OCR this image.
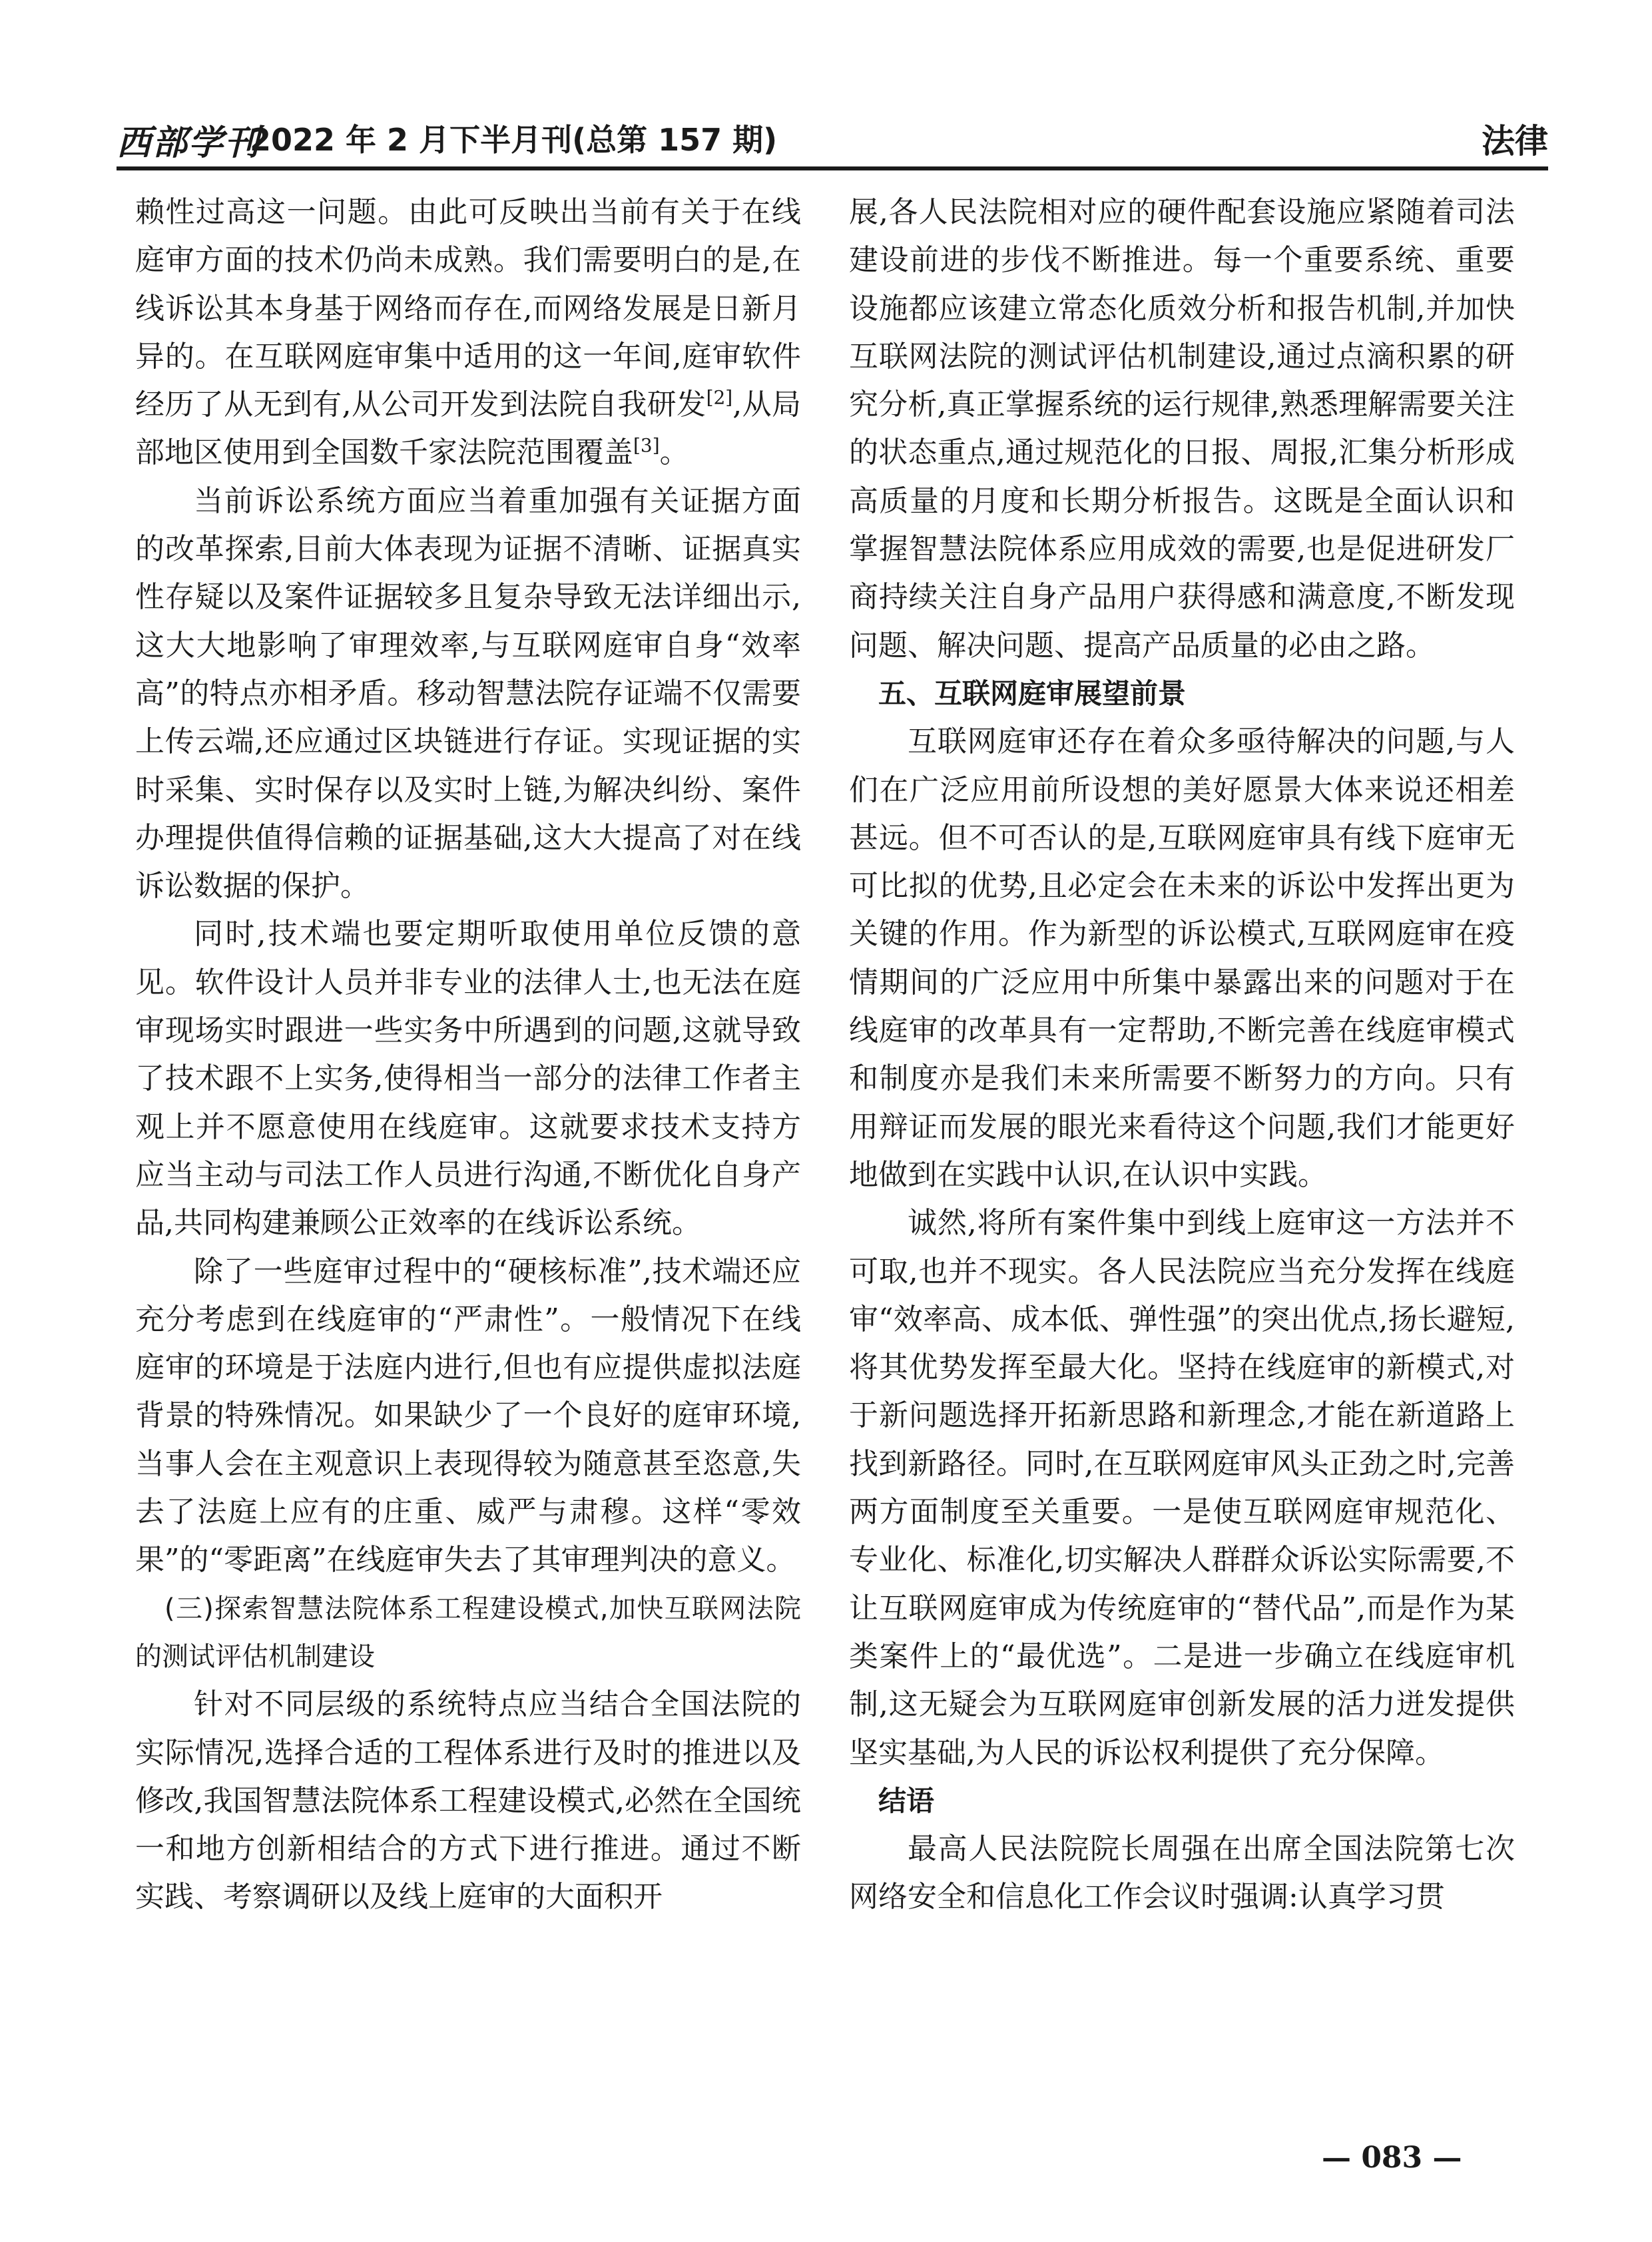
西部学刊
2022 年 2 月下半月刊(总第 157 期)	法律

赖性过高这一问题。由此可反映出当前有关于在线庭审方面的技术仍尚未成熟。我们需要明白的是,在线诉讼其本身基于网络而存在,而网络发展是日新月异的。在互联网庭审集中适用的这一年间,庭审软件经历了从无到有,从公司开发到法院自我研发[2],从局部地区使用到全国数千家法院范围覆盖[3]。

当前诉讼系统方面应当着重加强有关证据方面的改革探索,目前大体表现为证据不清晰、证据真实性存疑以及案件证据较多且复杂导致无法详细出示,这大大地影响了审理效率,与互联网庭审自身“效率高”的特点亦相矛盾。移动智慧法院存证端不仅需要上传云端,还应通过区块链进行存证。实现证据的实时采集、实时保存以及实时上链,为解决纠纷、案件办理提供值得信赖的证据基础,这大大提高了对在线诉讼数据的保护。

同时,技术端也要定期听取使用单位反馈的意见。软件设计人员并非专业的法律人士,也无法在庭审现场实时跟进一些实务中所遇到的问题,这就导致了技术跟不上实务,使得相当一部分的法律工作者主观上并不愿意使用在线庭审。这就要求技术支持方应当主动与司法工作人员进行沟通,不断优化自身产品,共同构建兼顾公正效率的在线诉讼系统。

除了一些庭审过程中的“硬核标准”,技术端还应充分考虑到在线庭审的“严肃性”。一般情况下在线庭审的环境是于法庭内进行,但也有应提供虚拟法庭背景的特殊情况。如果缺少了一个良好的庭审环境,当事人会在主观意识上表现得较为随意甚至恣意,失去了法庭上应有的庄重、威严与肃穆。这样“零效果”的“零距离”在线庭审失去了其审理判决的意义。

(三)探索智慧法院体系工程建设模式,加快互联网法院的测试评估机制建设

针对不同层级的系统特点应当结合全国法院的实际情况,选择合适的工程体系进行及时的推进以及修改,我国智慧法院体系工程建设模式,必然在全国统一和地方创新相结合的方式下进行推进。通过不断实践、考察调研以及线上庭审的大面积开

展,各人民法院相对应的硬件配套设施应紧随着司法建设前进的步伐不断推进。每一个重要系统、重要设施都应该建立常态化质效分析和报告机制,并加快互联网法院的测试评估机制建设,通过点滴积累的研究分析,真正掌握系统的运行规律,熟悉理解需要关注的状态重点,通过规范化的日报、周报,汇集分析形成高质量的月度和长期分析报告。这既是全面认识和掌握智慧法院体系应用成效的需要,也是促进研发厂商持续关注自身产品用户获得感和满意度,不断发现问题、解决问题、提高产品质量的必由之路。

五、互联网庭审展望前景

互联网庭审还存在着众多亟待解决的问题,与人们在广泛应用前所设想的美好愿景大体来说还相差甚远。但不可否认的是,互联网庭审具有线下庭审无可比拟的优势,且必定会在未来的诉讼中发挥出更为关键的作用。作为新型的诉讼模式,互联网庭审在疫情期间的广泛应用中所集中暴露出来的问题对于在线庭审的改革具有一定帮助,不断完善在线庭审模式和制度亦是我们未来所需要不断努力的方向。只有用辩证而发展的眼光来看待这个问题,我们才能更好地做到在实践中认识,在认识中实践。

诚然,将所有案件集中到线上庭审这一方法并不可取,也并不现实。各人民法院应当充分发挥在线庭审“效率高、成本低、弹性强”的突出优点,扬长避短,将其优势发挥至最大化。坚持在线庭审的新模式,对于新问题选择开拓新思路和新理念,才能在新道路上找到新路径。同时,在互联网庭审风头正劲之时,完善两方面制度至关重要。一是使互联网庭审规范化、专业化、标准化,切实解决人群群众诉讼实际需要,不让互联网庭审成为传统庭审的“替代品”,而是作为某类案件上的“最优选”。二是进一步确立在线庭审机制,这无疑会为互联网庭审创新发展的活力迸发提供坚实基础,为人民的诉讼权利提供了充分保障。

结语

最高人民法院院长周强在出席全国法院第七次网络安全和信息化工作会议时强调:认真学习贯

— 083 —
